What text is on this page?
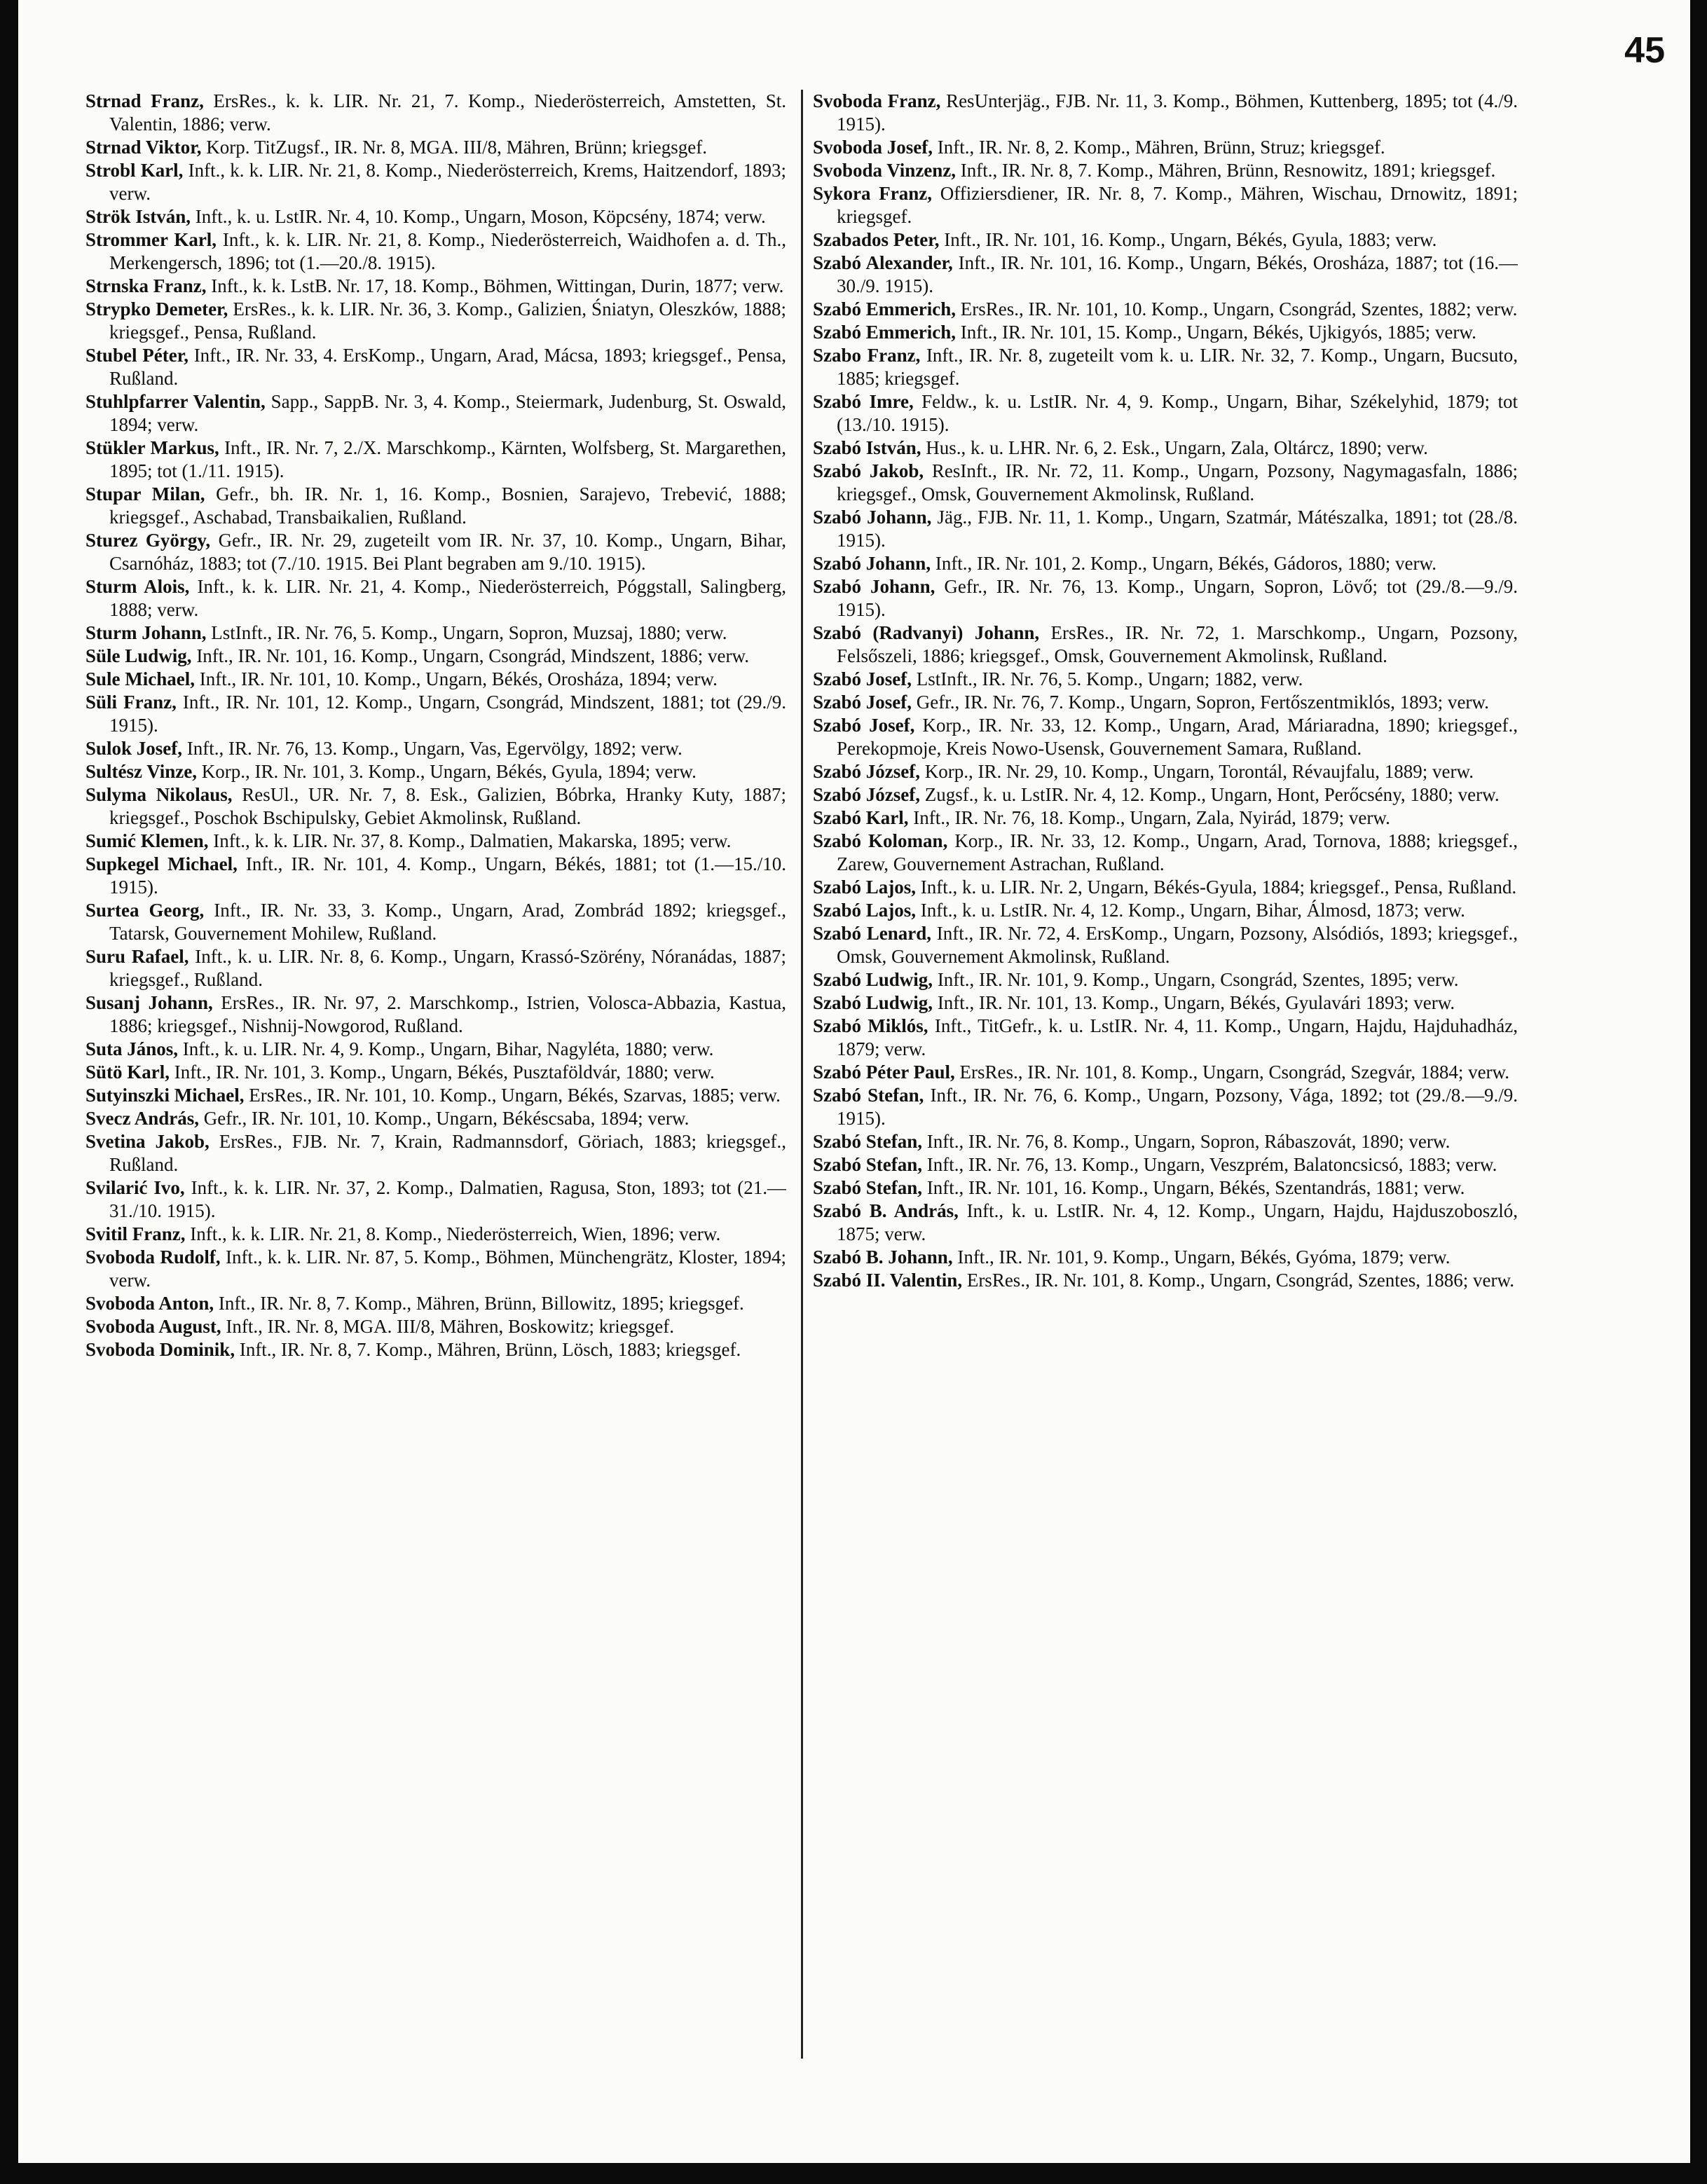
45

Strnad Franz, ErsRes., k. k. LIR. Nr. 21, 7. Komp., Niederösterreich, Amstetten, St. Valentin, 1886; verw.

Strnad Viktor, Korp. TitZugsf., IR. Nr. 8, MGA. III/8, Mähren, Brünn; kriegsgef.

Strobl Karl, Inft., k. k. LIR. Nr. 21, 8. Komp., Niederösterreich, Krems, Haitzendorf, 1893; verw.

Strök István, Inft., k. u. LstIR. Nr. 4, 10. Komp., Ungarn, Moson, Köpcsény, 1874; verw.

Strommer Karl, Inft., k. k. LIR. Nr. 21, 8. Komp., Niederösterreich, Waidhofen a. d. Th., Merkengersch, 1896; tot (1.—20./8. 1915).

Strnska Franz, Inft., k. k. LstB. Nr. 17, 18. Komp., Böhmen, Wittingan, Durin, 1877; verw.

Strypko Demeter, ErsRes., k. k. LIR. Nr. 36, 3. Komp., Galizien, Śniatyn, Oleszków, 1888; kriegsgef., Pensa, Rußland.

Stubel Péter, Inft., IR. Nr. 33, 4. ErsKomp., Ungarn, Arad, Mácsa, 1893; kriegsgef., Pensa, Rußland.

Stuhlpfarrer Valentin, Sapp., SappB. Nr. 3, 4. Komp., Steiermark, Judenburg, St. Oswald, 1894; verw.

Stükler Markus, Inft., IR. Nr. 7, 2./X. Marschkomp., Kärnten, Wolfsberg, St. Margarethen, 1895; tot (1./11. 1915).

Stupar Milan, Gefr., bh. IR. Nr. 1, 16. Komp., Bosnien, Sarajevo, Trebević, 1888; kriegsgef., Aschabad, Transbaikalien, Rußland.

Sturez György, Gefr., IR. Nr. 29, zugeteilt vom IR. Nr. 37, 10. Komp., Ungarn, Bihar, Csarnóház, 1883; tot (7./10. 1915. Bei Plant begraben am 9./10. 1915).

Sturm Alois, Inft., k. k. LIR. Nr. 21, 4. Komp., Niederösterreich, Póggstall, Salingberg, 1888; verw.

Sturm Johann, LstInft., IR. Nr. 76, 5. Komp., Ungarn, Sopron, Muzsaj, 1880; verw.

Süle Ludwig, Inft., IR. Nr. 101, 16. Komp., Ungarn, Csongrád, Mindszent, 1886; verw.

Sule Michael, Inft., IR. Nr. 101, 10. Komp., Ungarn, Békés, Orosháza, 1894; verw.

Süli Franz, Inft., IR. Nr. 101, 12. Komp., Ungarn, Csongrád, Mindszent, 1881; tot (29./9. 1915).

Sulok Josef, Inft., IR. Nr. 76, 13. Komp., Ungarn, Vas, Egervölgy, 1892; verw.

Sultész Vinze, Korp., IR. Nr. 101, 3. Komp., Ungarn, Békés, Gyula, 1894; verw.

Sulyma Nikolaus, ResUl., UR. Nr. 7, 8. Esk., Galizien, Bóbrka, Hranky Kuty, 1887; kriegsgef., Poschok Bschipulsky, Gebiet Akmolinsk, Rußland.

Sumić Klemen, Inft., k. k. LIR. Nr. 37, 8. Komp., Dalmatien, Makarska, 1895; verw.

Supkegel Michael, Inft., IR. Nr. 101, 4. Komp., Ungarn, Békés, 1881; tot (1.—15./10. 1915).

Surtea Georg, Inft., IR. Nr. 33, 3. Komp., Ungarn, Arad, Zombrád 1892; kriegsgef., Tatarsk, Gouvernement Mohilew, Rußland.

Suru Rafael, Inft., k. u. LIR. Nr. 8, 6. Komp., Ungarn, Krassó-Szörény, Nóranádas, 1887; kriegsgef., Rußland.

Susanj Johann, ErsRes., IR. Nr. 97, 2. Marschkomp., Istrien, Volosca-Abbazia, Kastua, 1886; kriegsgef., Nishnij-Nowgorod, Rußland.

Suta János, Inft., k. u. LIR. Nr. 4, 9. Komp., Ungarn, Bihar, Nagyléta, 1880; verw.

Sütö Karl, Inft., IR. Nr. 101, 3. Komp., Ungarn, Békés, Pusztaföldvár, 1880; verw.

Sutyinszki Michael, ErsRes., IR. Nr. 101, 10. Komp., Ungarn, Békés, Szarvas, 1885; verw.

Svecz András, Gefr., IR. Nr. 101, 10. Komp., Ungarn, Békéscsaba, 1894; verw.

Svetina Jakob, ErsRes., FJB. Nr. 7, Krain, Radmannsdorf, Göriach, 1883; kriegsgef., Rußland.

Svilarić Ivo, Inft., k. k. LIR. Nr. 37, 2. Komp., Dalmatien, Ragusa, Ston, 1893; tot (21.—31./10. 1915).

Svitil Franz, Inft., k. k. LIR. Nr. 21, 8. Komp., Niederösterreich, Wien, 1896; verw.

Svoboda Rudolf, Inft., k. k. LIR. Nr. 87, 5. Komp., Böhmen, Münchengrätz, Kloster, 1894; verw.

Svoboda Anton, Inft., IR. Nr. 8, 7. Komp., Mähren, Brünn, Billowitz, 1895; kriegsgef.

Svoboda August, Inft., IR. Nr. 8, MGA. III/8, Mähren, Boskowitz; kriegsgef.

Svoboda Dominik, Inft., IR. Nr. 8, 7. Komp., Mähren, Brünn, Lösch, 1883; kriegsgef.

Svoboda Franz, ResUnterjäg., FJB. Nr. 11, 3. Komp., Böhmen, Kuttenberg, 1895; tot (4./9. 1915).

Svoboda Josef, Inft., IR. Nr. 8, 2. Komp., Mähren, Brünn, Struz; kriegsgef.

Svoboda Vinzenz, Inft., IR. Nr. 8, 7. Komp., Mähren, Brünn, Resnowitz, 1891; kriegsgef.

Sykora Franz, Offiziersdiener, IR. Nr. 8, 7. Komp., Mähren, Wischau, Drnowitz, 1891; kriegsgef.

Szabados Peter, Inft., IR. Nr. 101, 16. Komp., Ungarn, Békés, Gyula, 1883; verw.

Szabó Alexander, Inft., IR. Nr. 101, 16. Komp., Ungarn, Békés, Orosháza, 1887; tot (16.—30./9. 1915).

Szabó Emmerich, ErsRes., IR. Nr. 101, 10. Komp., Ungarn, Csongrád, Szentes, 1882; verw.

Szabó Emmerich, Inft., IR. Nr. 101, 15. Komp., Ungarn, Békés, Ujkigyós, 1885; verw.

Szabo Franz, Inft., IR. Nr. 8, zugeteilt vom k. u. LIR. Nr. 32, 7. Komp., Ungarn, Bucsuto, 1885; kriegsgef.

Szabó Imre, Feldw., k. u. LstIR. Nr. 4, 9. Komp., Ungarn, Bihar, Székelyhid, 1879; tot (13./10. 1915).

Szabó István, Hus., k. u. LHR. Nr. 6, 2. Esk., Ungarn, Zala, Oltárcz, 1890; verw.

Szabó Jakob, ResInft., IR. Nr. 72, 11. Komp., Ungarn, Pozsony, Nagymagasfaln, 1886; kriegsgef., Omsk, Gouvernement Akmolinsk, Rußland.

Szabó Johann, Jäg., FJB. Nr. 11, 1. Komp., Ungarn, Szatmár, Mátészalka, 1891; tot (28./8. 1915).

Szabó Johann, Inft., IR. Nr. 101, 2. Komp., Ungarn, Békés, Gádoros, 1880; verw.

Szabó Johann, Gefr., IR. Nr. 76, 13. Komp., Ungarn, Sopron, Lövő; tot (29./8.—9./9. 1915).

Szabó (Radvanyi) Johann, ErsRes., IR. Nr. 72, 1. Marschkomp., Ungarn, Pozsony, Felsőszeli, 1886; kriegsgef., Omsk, Gouvernement Akmolinsk, Rußland.

Szabó Josef, LstInft., IR. Nr. 76, 5. Komp., Ungarn; 1882, verw.

Szabó Josef, Gefr., IR. Nr. 76, 7. Komp., Ungarn, Sopron, Fertőszentmiklós, 1893; verw.

Szabó Josef, Korp., IR. Nr. 33, 12. Komp., Ungarn, Arad, Máriaradna, 1890; kriegsgef., Perekopmoje, Kreis Nowo-Usensk, Gouvernement Samara, Rußland.

Szabó József, Korp., IR. Nr. 29, 10. Komp., Ungarn, Torontál, Révaujfalu, 1889; verw.

Szabó József, Zugsf., k. u. LstIR. Nr. 4, 12. Komp., Ungarn, Hont, Perőcsény, 1880; verw.

Szabó Karl, Inft., IR. Nr. 76, 18. Komp., Ungarn, Zala, Nyirád, 1879; verw.

Szabó Koloman, Korp., IR. Nr. 33, 12. Komp., Ungarn, Arad, Tornova, 1888; kriegsgef., Zarew, Gouvernement Astrachan, Rußland.

Szabó Lajos, Inft., k. u. LIR. Nr. 2, Ungarn, Békés-Gyula, 1884; kriegsgef., Pensa, Rußland.

Szabó Lajos, Inft., k. u. LstIR. Nr. 4, 12. Komp., Ungarn, Bihar, Álmosd, 1873; verw.

Szabó Lenard, Inft., IR. Nr. 72, 4. ErsKomp., Ungarn, Pozsony, Alsódiós, 1893; kriegsgef., Omsk, Gouvernement Akmolinsk, Rußland.

Szabó Ludwig, Inft., IR. Nr. 101, 9. Komp., Ungarn, Csongrád, Szentes, 1895; verw.

Szabó Ludwig, Inft., IR. Nr. 101, 13. Komp., Ungarn, Békés, Gyulavári 1893; verw.

Szabó Miklós, Inft., TitGefr., k. u. LstIR. Nr. 4, 11. Komp., Ungarn, Hajdu, Hajduhadház, 1879; verw.

Szabó Péter Paul, ErsRes., IR. Nr. 101, 8. Komp., Ungarn, Csongrád, Szegvár, 1884; verw.

Szabó Stefan, Inft., IR. Nr. 76, 6. Komp., Ungarn, Pozsony, Vága, 1892; tot (29./8.—9./9. 1915).

Szabó Stefan, Inft., IR. Nr. 76, 8. Komp., Ungarn, Sopron, Rábaszovát, 1890; verw.

Szabó Stefan, Inft., IR. Nr. 76, 13. Komp., Ungarn, Veszprém, Balatoncsicsó, 1883; verw.

Szabó Stefan, Inft., IR. Nr. 101, 16. Komp., Ungarn, Békés, Szentandrás, 1881; verw.

Szabó B. András, Inft., k. u. LstIR. Nr. 4, 12. Komp., Ungarn, Hajdu, Hajduszoboszló, 1875; verw.

Szabó B. Johann, Inft., IR. Nr. 101, 9. Komp., Ungarn, Békés, Gyóma, 1879; verw.

Szabó II. Valentin, ErsRes., IR. Nr. 101, 8. Komp., Ungarn, Csongrád, Szentes, 1886; verw.
